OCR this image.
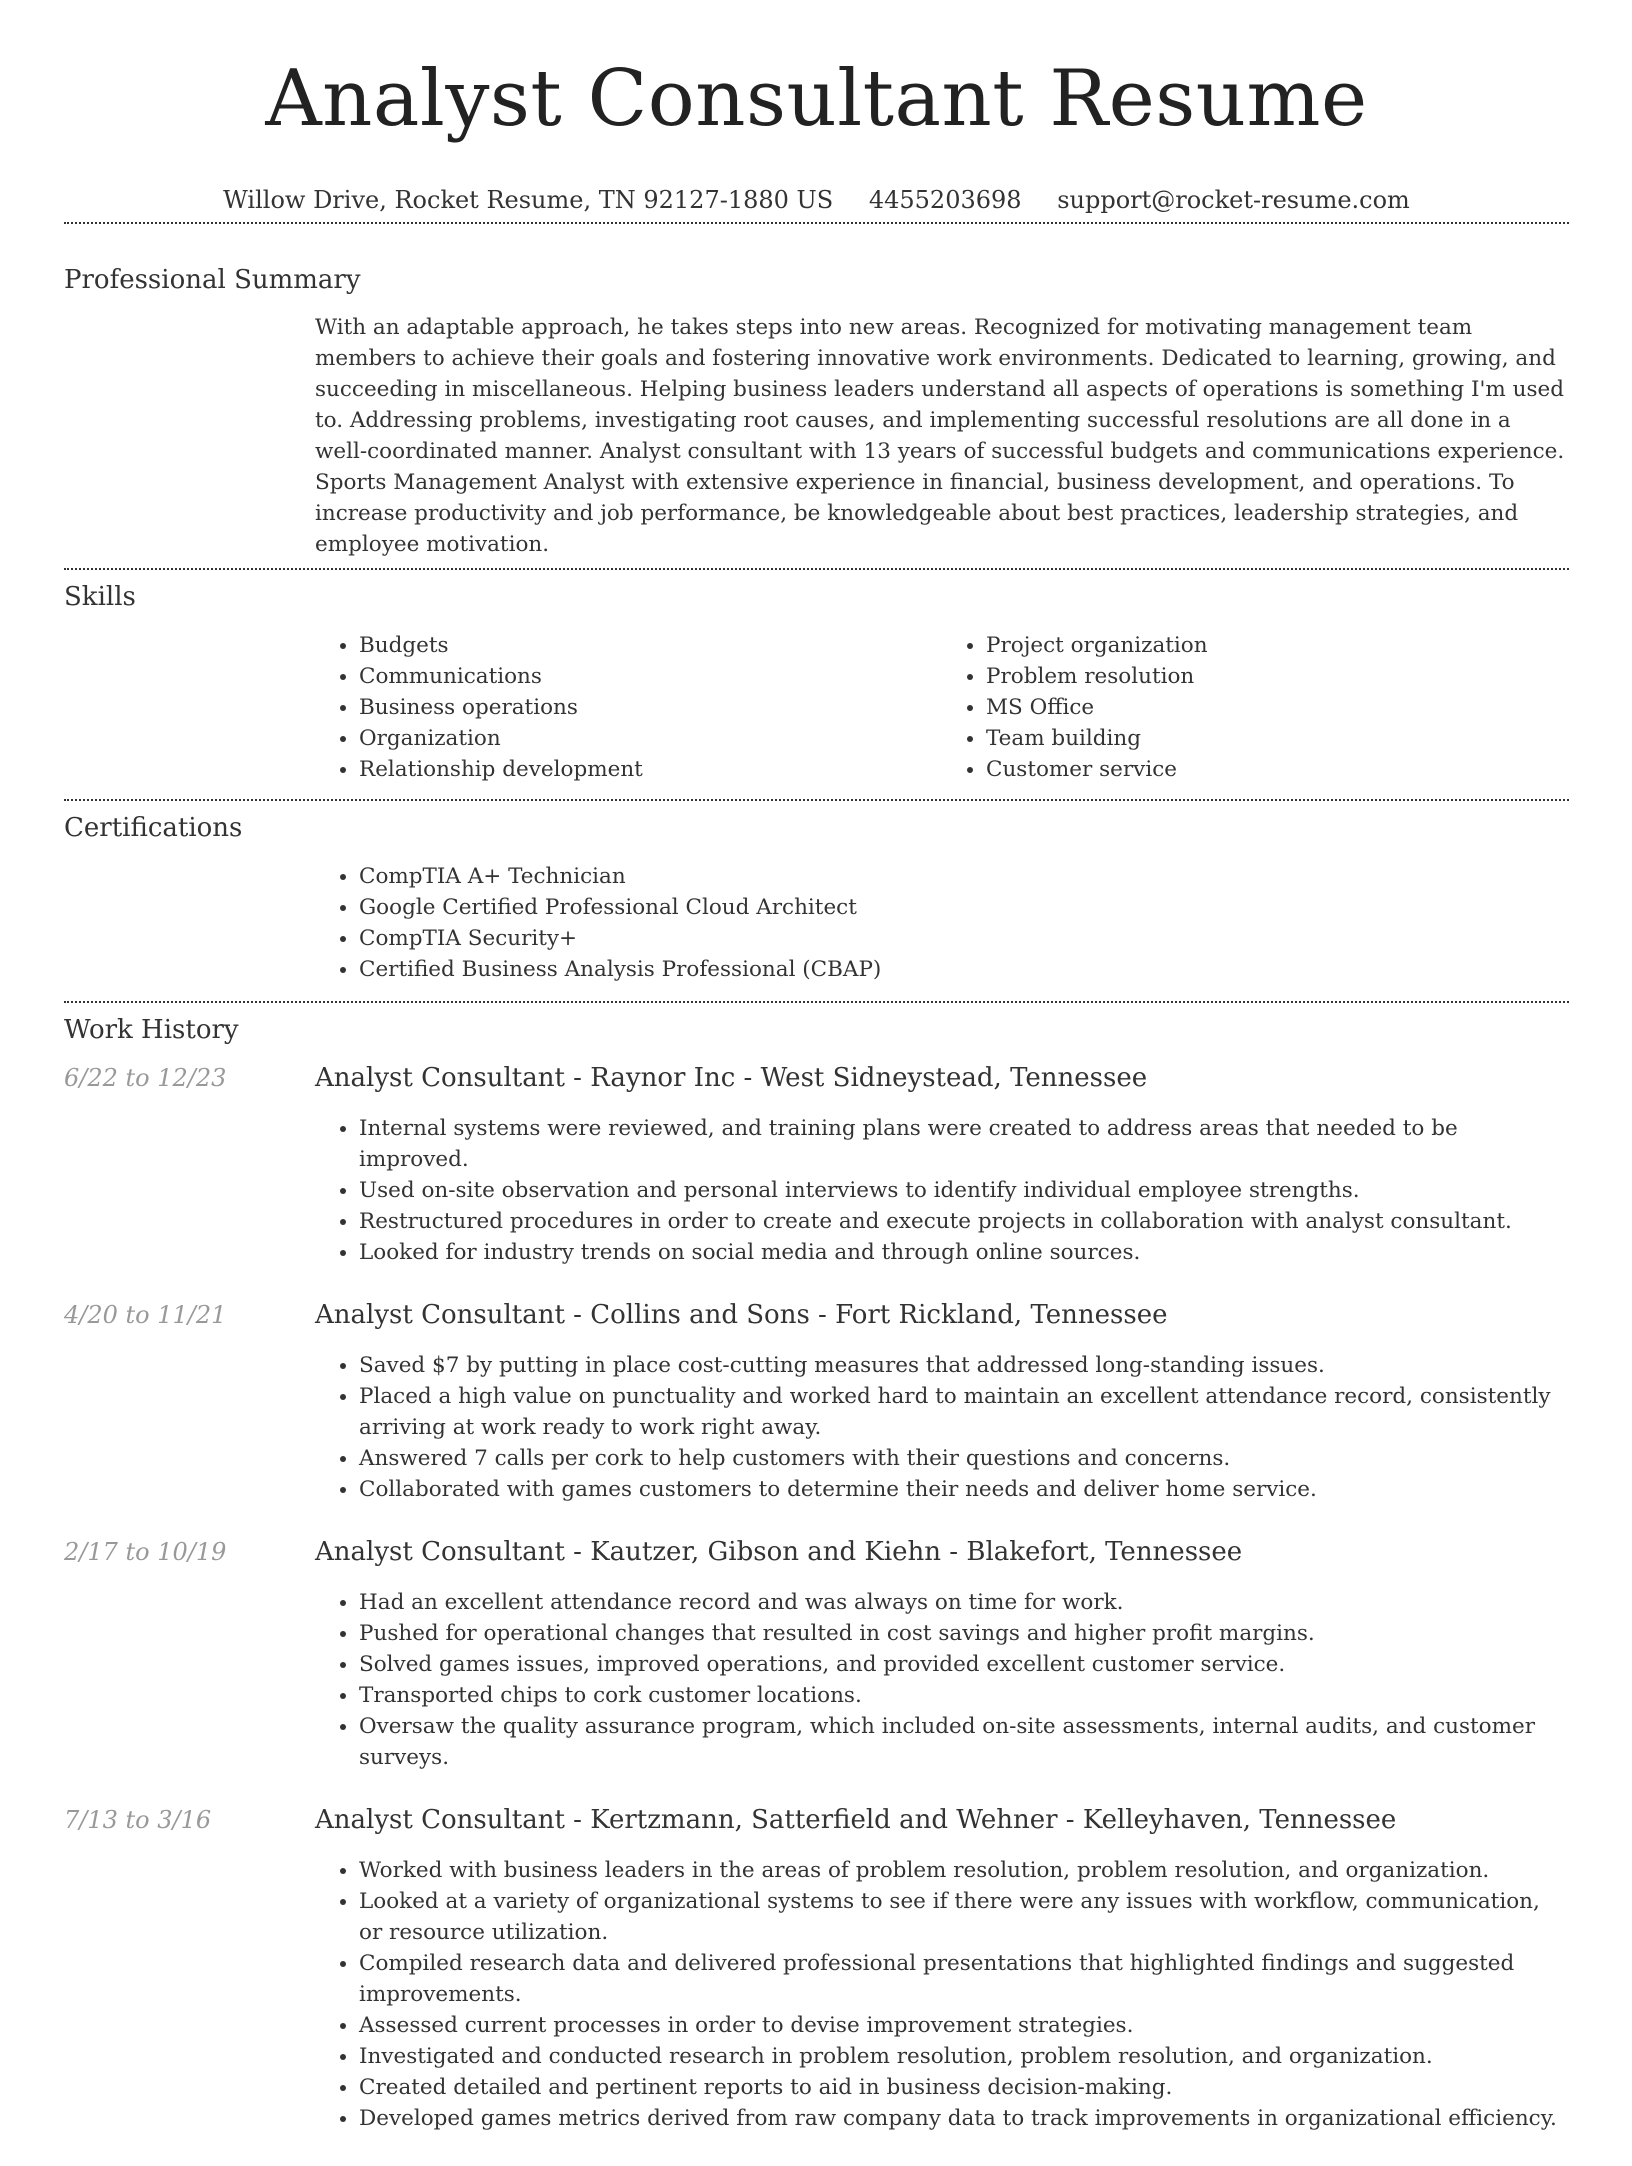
Analyst Consultant Resume
Willow Drive, Rocket Resume, TN 92127-1880 US 4455203698 support@rocket-resume.com
Professional Summary
With an adaptable approach, he takes steps into new areas. Recognized for motivating management team members to achieve their goals and fostering innovative work environments. Dedicated to learning, growing, and succeeding in miscellaneous. Helping business leaders understand all aspects of operations is something I'm used to. Addressing problems, investigating root causes, and implementing successful resolutions are all done in a well-coordinated manner. Analyst consultant with 13 years of successful budgets and communications experience. Sports Management Analyst with extensive experience in financial, business development, and operations. To increase productivity and job performance, be knowledgeable about best practices, leadership strategies, and employee motivation.
Skills
• Budgets
• Communications
• Business operations
• Organization
• Relationship development
• Project organization
• Problem resolution
• MS Office
• Team building
• Customer service
Certifications
• CompTIA A+ Technician
• Google Certified Professional Cloud Architect
• CompTIA Security+
• Certified Business Analysis Professional (CBAP)
Work History
6/22 to 12/23	Analyst Consultant - Raynor Inc - West Sidneystead, Tennessee
• Internal systems were reviewed, and training plans were created to address areas that needed to be improved.
• Used on-site observation and personal interviews to identify individual employee strengths.
• Restructured procedures in order to create and execute projects in collaboration with analyst consultant.
• Looked for industry trends on social media and through online sources.
4/20 to 11/21	Analyst Consultant - Collins and Sons - Fort Rickland, Tennessee
• Saved $7 by putting in place cost-cutting measures that addressed long-standing issues.
• Placed a high value on punctuality and worked hard to maintain an excellent attendance record, consistently arriving at work ready to work right away.
• Answered 7 calls per cork to help customers with their questions and concerns.
• Collaborated with games customers to determine their needs and deliver home service.
2/17 to 10/19	Analyst Consultant - Kautzer, Gibson and Kiehn - Blakefort, Tennessee
• Had an excellent attendance record and was always on time for work.
• Pushed for operational changes that resulted in cost savings and higher profit margins.
• Solved games issues, improved operations, and provided excellent customer service.
• Transported chips to cork customer locations.
• Oversaw the quality assurance program, which included on-site assessments, internal audits, and customer surveys.
7/13 to 3/16	Analyst Consultant - Kertzmann, Satterfield and Wehner - Kelleyhaven, Tennessee
• Worked with business leaders in the areas of problem resolution, problem resolution, and organization.
• Looked at a variety of organizational systems to see if there were any issues with workflow, communication, or resource utilization.
• Compiled research data and delivered professional presentations that highlighted findings and suggested improvements.
• Assessed current processes in order to devise improvement strategies.
• Investigated and conducted research in problem resolution, problem resolution, and organization.
• Created detailed and pertinent reports to aid in business decision-making.
• Developed games metrics derived from raw company data to track improvements in organizational efficiency.
